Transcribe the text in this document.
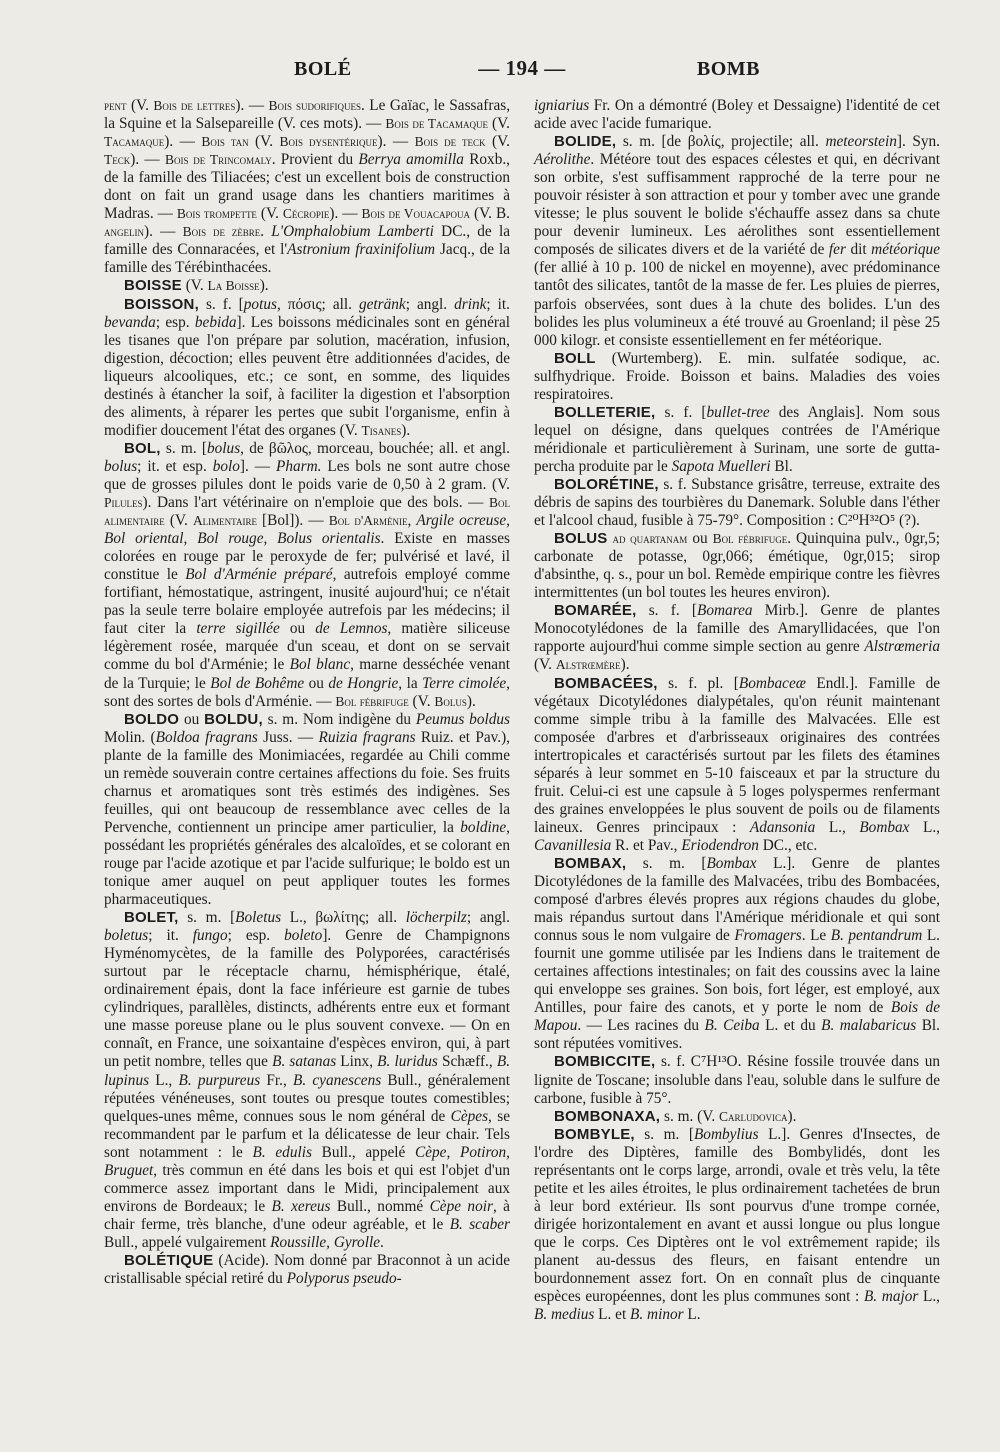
BOLÉ	— 194 —	BOMB

pent (V. Bois de lettres). — Bois sudorifiques. Le Gaïac, le Sassafras, la Squine et la Salsepareille (V. ces mots). — Bois de Tacamaque (V. Tacamaque). — Bois tan (V. Bois dysentérique). — Bois de teck (V. Teck). — Bois de Trincomaly. Provient du Berrya amomilla Roxb., de la famille des Tiliacées; c'est un excellent bois de construction dont on fait un grand usage dans les chantiers maritimes à Madras. — Bois trompette (V. Cécropie). — Bois de Vouacapoua (V. B. angelin). — Bois de zèbre. L'Omphalobium Lamberti DC., de la famille des Connaracées, et l'Astronium fraxinifolium Jacq., de la famille des Térébinthacées.

BOISSE (V. La Boisse).

BOISSON, s. f. [potus, πόσις; all. getränk; angl. drink; it. bevanda; esp. bebida]. Les boissons médicinales sont en général les tisanes que l'on prépare par solution, macération, infusion, digestion, décoction; elles peuvent être additionnées d'acides, de liqueurs alcooliques, etc.; ce sont, en somme, des liquides destinés à étancher la soif, à faciliter la digestion et l'absorption des aliments, à réparer les pertes que subit l'organisme, enfin à modifier doucement l'état des organes (V. Tisanes).

BOL, s. m. [bolus, de βῶλος, morceau, bouchée; all. et angl. bolus; it. et esp. bolo]. — Pharm. Les bols ne sont autre chose que de grosses pilules dont le poids varie de 0,50 à 2 gram. (V. Pilules). Dans l'art vétérinaire on n'emploie que des bols. — Bol alimentaire (V. Alimentaire [Bol]). — Bol d'Arménie, Argile ocreuse, Bol oriental, Bol rouge, Bolus orientalis. Existe en masses colorées en rouge par le peroxyde de fer; pulvérisé et lavé, il constitue le Bol d'Arménie préparé, autrefois employé comme fortifiant, hémostatique, astringent, inusité aujourd'hui; ce n'était pas la seule terre bolaire employée autrefois par les médecins; il faut citer la terre sigillée ou de Lemnos, matière siliceuse légèrement rosée, marquée d'un sceau, et dont on se servait comme du bol d'Arménie; le Bol blanc, marne desséchée venant de la Turquie; le Bol de Bohême ou de Hongrie, la Terre cimolée, sont des sortes de bols d'Arménie. — Bol fébrifuge (V. Bolus).

BOLDO ou BOLDU, s. m. Nom indigène du Peumus boldus Molin. (Boldoa fragrans Juss. — Ruizia fragrans Ruiz. et Pav.), plante de la famille des Monimiacées, regardée au Chili comme un remède souverain contre certaines affections du foie. Ses fruits charnus et aromatiques sont très estimés des indigènes. Ses feuilles, qui ont beaucoup de ressemblance avec celles de la Pervenche, contiennent un principe amer particulier, la boldine, possédant les propriétés générales des alcaloïdes, et se colorant en rouge par l'acide azotique et par l'acide sulfurique; le boldo est un tonique amer auquel on peut appliquer toutes les formes pharmaceutiques.

BOLET, s. m. [Boletus L., βωλίτης; all. löcherpilz; angl. boletus; it. fungo; esp. boleto]. Genre de Champignons Hyménomycètes, de la famille des Polyporées, caractérisés surtout par le réceptacle charnu, hémisphérique, étalé, ordinairement épais, dont la face inférieure est garnie de tubes cylindriques, parallèles, distincts, adhérents entre eux et formant une masse poreuse plane ou le plus souvent convexe. — On en connaît, en France, une soixantaine d'espèces environ, qui, à part un petit nombre, telles que B. satanas Linx, B. luridus Schæff., B. lupinus L., B. purpureus Fr., B. cyanescens Bull., généralement réputées vénéneuses, sont toutes ou presque toutes comestibles; quelques-unes même, connues sous le nom général de Cèpes, se recommandent par le parfum et la délicatesse de leur chair. Tels sont notamment : le B. edulis Bull., appelé Cèpe, Potiron, Bruguet, très commun en été dans les bois et qui est l'objet d'un commerce assez important dans le Midi, principalement aux environs de Bordeaux; le B. xereus Bull., nommé Cèpe noir, à chair ferme, très blanche, d'une odeur agréable, et le B. scaber Bull., appelé vulgairement Roussille, Gyrolle.

BOLÉTIQUE (Acide). Nom donné par Braconnot à un acide cristallisable spécial retiré du Polyporus pseudo-

igniarius Fr. On a démontré (Boley et Dessaigne) l'identité de cet acide avec l'acide fumarique.

BOLIDE, s. m. [de βολίς, projectile; all. meteorstein]. Syn. Aérolithe. Météore tout des espaces célestes et qui, en décrivant son orbite, s'est suffisamment rapproché de la terre pour ne pouvoir résister à son attraction et pour y tomber avec une grande vitesse; le plus souvent le bolide s'échauffe assez dans sa chute pour devenir lumineux. Les aérolithes sont essentiellement composés de silicates divers et de la variété de fer dit météorique (fer allié à 10 p. 100 de nickel en moyenne), avec prédominance tantôt des silicates, tantôt de la masse de fer. Les pluies de pierres, parfois observées, sont dues à la chute des bolides. L'un des bolides les plus volumineux a été trouvé au Groenland; il pèse 25 000 kilogr. et consiste essentiellement en fer météorique.

BOLL (Wurtemberg). E. min. sulfatée sodique, ac. sulfhydrique. Froide. Boisson et bains. Maladies des voies respiratoires.

BOLLETERIE, s. f. [bullet-tree des Anglais]. Nom sous lequel on désigne, dans quelques contrées de l'Amérique méridionale et particulièrement à Surinam, une sorte de gutta-percha produite par le Sapota Muelleri Bl.

BOLORÉTINE, s. f. Substance grisâtre, terreuse, extraite des débris de sapins des tourbières du Danemark. Soluble dans l'éther et l'alcool chaud, fusible à 75-79°. Composition : C²⁰H³²O⁵ (?).

BOLUS ad quartanam ou Bol fébrifuge. Quinquina pulv., 0gr,5; carbonate de potasse, 0gr,066; émétique, 0gr,015; sirop d'absinthe, q. s., pour un bol. Remède empirique contre les fièvres intermittentes (un bol toutes les heures environ).

BOMARÉE, s. f. [Bomarea Mirb.]. Genre de plantes Monocotylédones de la famille des Amaryllidacées, que l'on rapporte aujourd'hui comme simple section au genre Alstrœmeria (V. Alstrœmère).

BOMBACÉES, s. f. pl. [Bombaceæ Endl.]. Famille de végétaux Dicotylédones dialypétales, qu'on réunit maintenant comme simple tribu à la famille des Malvacées. Elle est composée d'arbres et d'arbrisseaux originaires des contrées intertropicales et caractérisés surtout par les filets des étamines séparés à leur sommet en 5-10 faisceaux et par la structure du fruit. Celui-ci est une capsule à 5 loges polyspermes renfermant des graines enveloppées le plus souvent de poils ou de filaments laineux. Genres principaux : Adansonia L., Bombax L., Cavanillesia R. et Pav., Eriodendron DC., etc.

BOMBAX, s. m. [Bombax L.]. Genre de plantes Dicotylédones de la famille des Malvacées, tribu des Bombacées, composé d'arbres élevés propres aux régions chaudes du globe, mais répandus surtout dans l'Amérique méridionale et qui sont connus sous le nom vulgaire de Fromagers. Le B. pentandrum L. fournit une gomme utilisée par les Indiens dans le traitement de certaines affections intestinales; on fait des coussins avec la laine qui enveloppe ses graines. Son bois, fort léger, est employé, aux Antilles, pour faire des canots, et y porte le nom de Bois de Mapou. — Les racines du B. Ceiba L. et du B. malabaricus Bl. sont réputées vomitives.

BOMBICCITE, s. f. C⁷H¹³O. Résine fossile trouvée dans un lignite de Toscane; insoluble dans l'eau, soluble dans le sulfure de carbone, fusible à 75°.

BOMBONAXA, s. m. (V. Carludovica).

BOMBYLE, s. m. [Bombylius L.]. Genres d'Insectes, de l'ordre des Diptères, famille des Bombylidés, dont les représentants ont le corps large, arrondi, ovale et très velu, la tête petite et les ailes étroites, le plus ordinairement tachetées de brun à leur bord extérieur. Ils sont pourvus d'une trompe cornée, dirigée horizontalement en avant et aussi longue ou plus longue que le corps. Ces Diptères ont le vol extrêmement rapide; ils planent au-dessus des fleurs, en faisant entendre un bourdonnement assez fort. On en connaît plus de cinquante espèces européennes, dont les plus communes sont : B. major L., B. medius L. et B. minor L.
